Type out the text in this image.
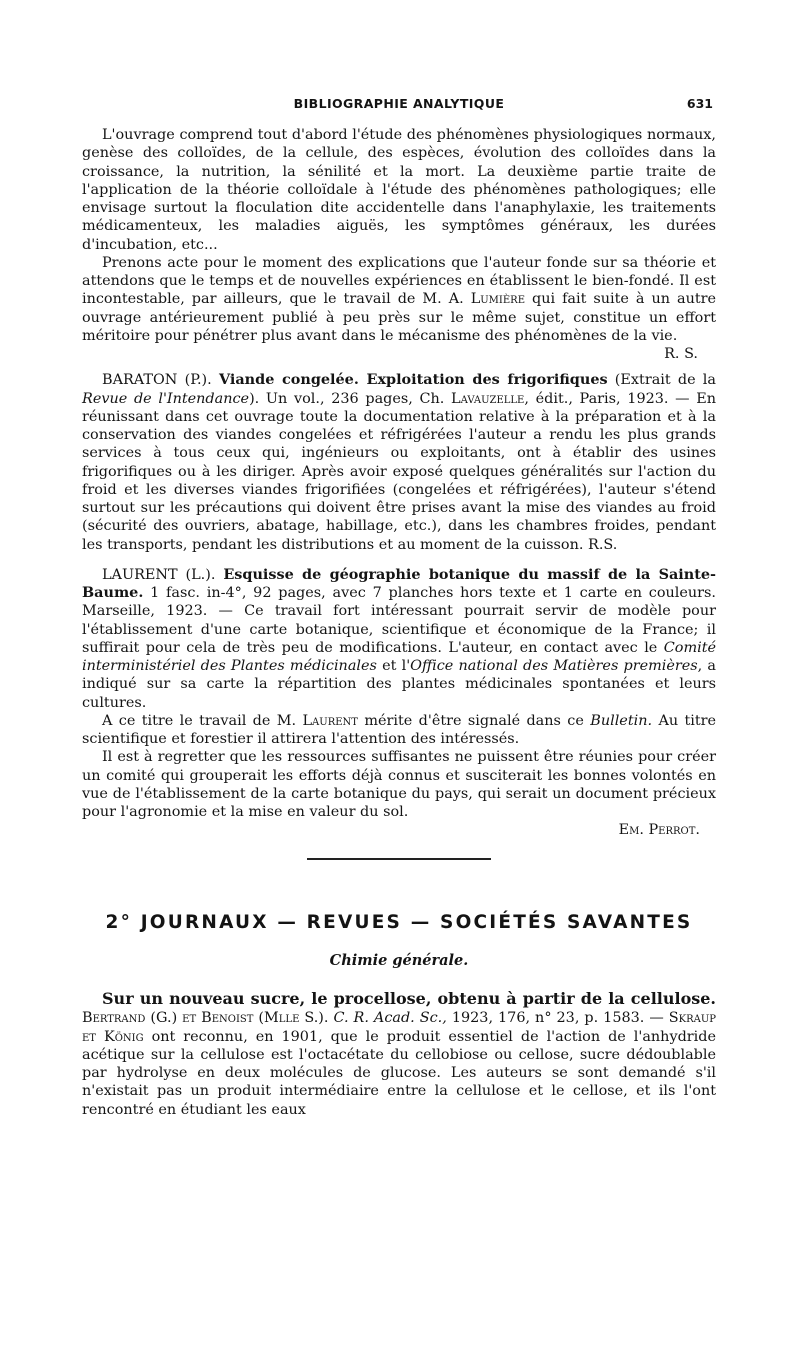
BIBLIOGRAPHIE ANALYTIQUE	631

L'ouvrage comprend tout d'abord l'étude des phénomènes physiologiques normaux, genèse des colloïdes, de la cellule, des espèces, évolution des colloïdes dans la croissance, la nutrition, la sénilité et la mort. La deuxième partie traite de l'application de la théorie colloïdale à l'étude des phénomènes pathologiques; elle envisage surtout la floculation dite accidentelle dans l'anaphylaxie, les traitements médicamenteux, les maladies aiguës, les symptômes généraux, les durées d'incubation, etc...

Prenons acte pour le moment des explications que l'auteur fonde sur sa théorie et attendons que le temps et de nouvelles expériences en établissent le bien-fondé. Il est incontestable, par ailleurs, que le travail de M. A. Lumière qui fait suite à un autre ouvrage antérieurement publié à peu près sur le même sujet, constitue un effort méritoire pour pénétrer plus avant dans le mécanisme des phénomènes de la vie.
R. S.

BARATON (P.). Viande congelée. Exploitation des frigorifiques (Extrait de la Revue de l'Intendance). Un vol., 236 pages, Ch. Lavauzelle, édit., Paris, 1923. — En réunissant dans cet ouvrage toute la documentation relative à la préparation et à la conservation des viandes congelées et réfrigérées l'auteur a rendu les plus grands services à tous ceux qui, ingénieurs ou exploitants, ont à établir des usines frigorifiques ou à les diriger. Après avoir exposé quelques généralités sur l'action du froid et les diverses viandes frigorifiées (congelées et réfrigérées), l'auteur s'étend surtout sur les précautions qui doivent être prises avant la mise des viandes au froid (sécurité des ouvriers, abatage, habillage, etc.), dans les chambres froides, pendant les transports, pendant les distributions et au moment de la cuisson. R.S.

LAURENT (L.). Esquisse de géographie botanique du massif de la Sainte-Baume. 1 fasc. in-4°, 92 pages, avec 7 planches hors texte et 1 carte en couleurs. Marseille, 1923. — Ce travail fort intéressant pourrait servir de modèle pour l'établissement d'une carte botanique, scientifique et économique de la France; il suffirait pour cela de très peu de modifications. L'auteur, en contact avec le Comité interministériel des Plantes médicinales et l'Office national des Matières premières, a indiqué sur sa carte la répartition des plantes médicinales spontanées et leurs cultures.

A ce titre le travail de M. Laurent mérite d'être signalé dans ce Bulletin. Au titre scientifique et forestier il attirera l'attention des intéressés.

Il est à regretter que les ressources suffisantes ne puissent être réunies pour créer un comité qui grouperait les efforts déjà connus et susciterait les bonnes volontés en vue de l'établissement de la carte botanique du pays, qui serait un document précieux pour l'agronomie et la mise en valeur du sol.
Em. Perrot.

2° JOURNAUX — REVUES — SOCIÉTÉS SAVANTES
Chimie générale.

Sur un nouveau sucre, le procellose, obtenu à partir de la cellulose. Bertrand (G.) et Benoist (Mlle S.). C. R. Acad. Sc., 1923, 176, n° 23, p. 1583. — Skraup et König ont reconnu, en 1901, que le produit essentiel de l'action de l'anhydride acétique sur la cellulose est l'octacétate du cellobiose ou cellose, sucre dédoublable par hydrolyse en deux molécules de glucose. Les auteurs se sont demandé s'il n'existait pas un produit intermédiaire entre la cellulose et le cellose, et ils l'ont rencontré en étudiant les eaux
